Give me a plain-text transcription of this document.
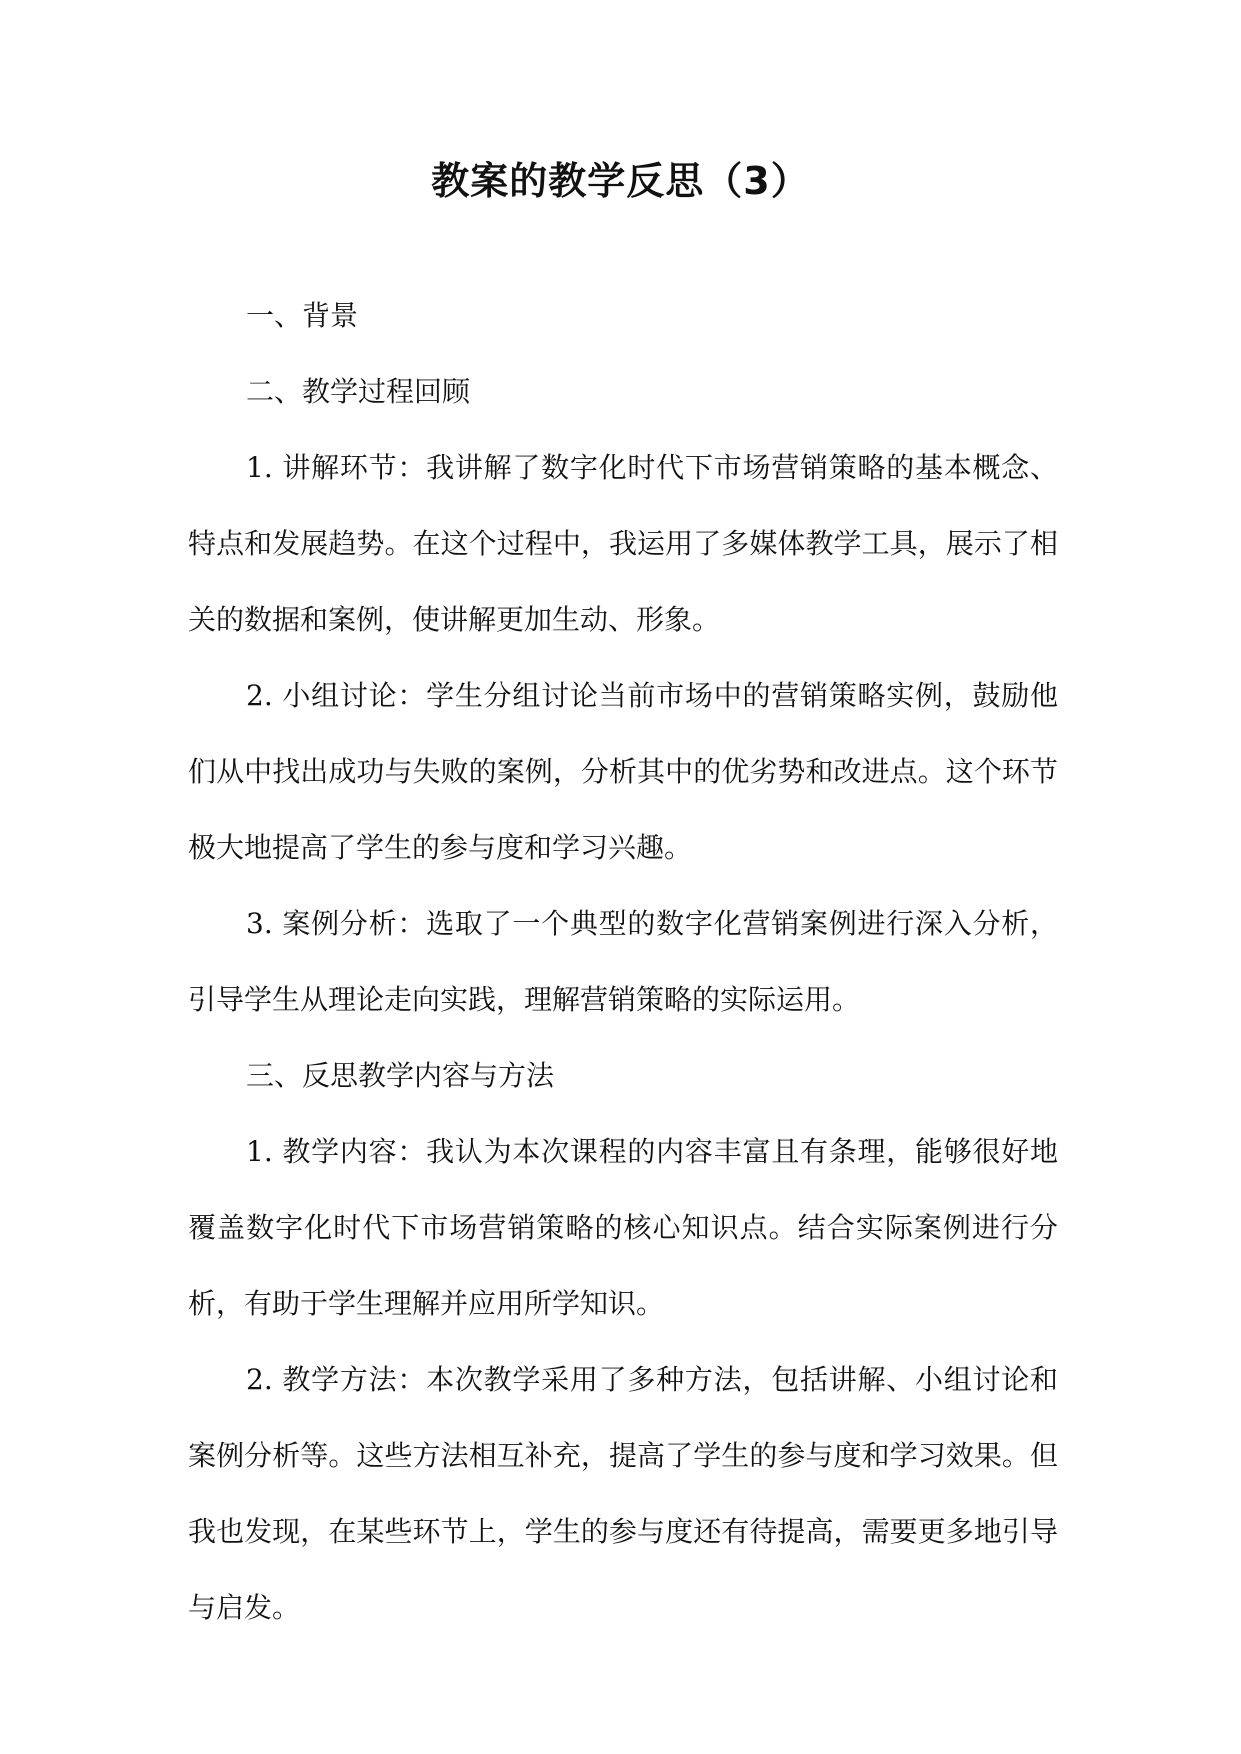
教案的教学反思（3）

一、背景

二、教学过程回顾

1. 讲解环节：我讲解了数字化时代下市场营销策略的基本概念、特点和发展趋势。在这个过程中，我运用了多媒体教学工具，展示了相关的数据和案例，使讲解更加生动、形象。

2. 小组讨论：学生分组讨论当前市场中的营销策略实例，鼓励他们从中找出成功与失败的案例，分析其中的优劣势和改进点。这个环节极大地提高了学生的参与度和学习兴趣。

3. 案例分析：选取了一个典型的数字化营销案例进行深入分析，引导学生从理论走向实践，理解营销策略的实际运用。

三、反思教学内容与方法

1. 教学内容：我认为本次课程的内容丰富且有条理，能够很好地覆盖数字化时代下市场营销策略的核心知识点。结合实际案例进行分析，有助于学生理解并应用所学知识。

2. 教学方法：本次教学采用了多种方法，包括讲解、小组讨论和案例分析等。这些方法相互补充，提高了学生的参与度和学习效果。但我也发现，在某些环节上，学生的参与度还有待提高，需要更多地引导与启发。
